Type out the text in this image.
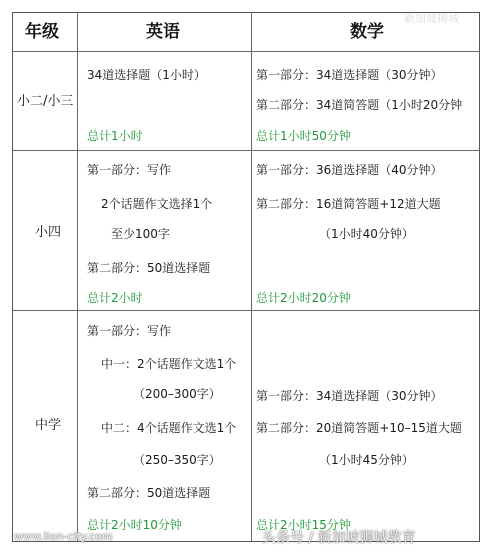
年级	英语	数学
小二/小三
34道选择题（1小时）
总计1小时
第一部分：34道选择题（30分钟）
第二部分：34道简答题（1小时20分钟
总计1小时50分钟
小四
第一部分：写作
2个话题作文选择1个
至少100字
第二部分：50道选择题
总计2小时
第一部分：36道选择题（40分钟）
第二部分：16道简答题+12道大题
（1小时40分钟）
总计2小时20分钟
中学
第一部分：写作
中一：2个话题作文选1个
（200–300字）
中二：4个话题作文选1个
（250–350字）
第二部分：50道选择题
总计2小时10分钟
第一部分：34道选择题（30分钟）
第二部分：20道简答题+10–15道大题
（1小时45分钟）
总计2小时15分钟
新加坡狮城
头条号 / 新加坡狮城教育
www.lion-city.com
